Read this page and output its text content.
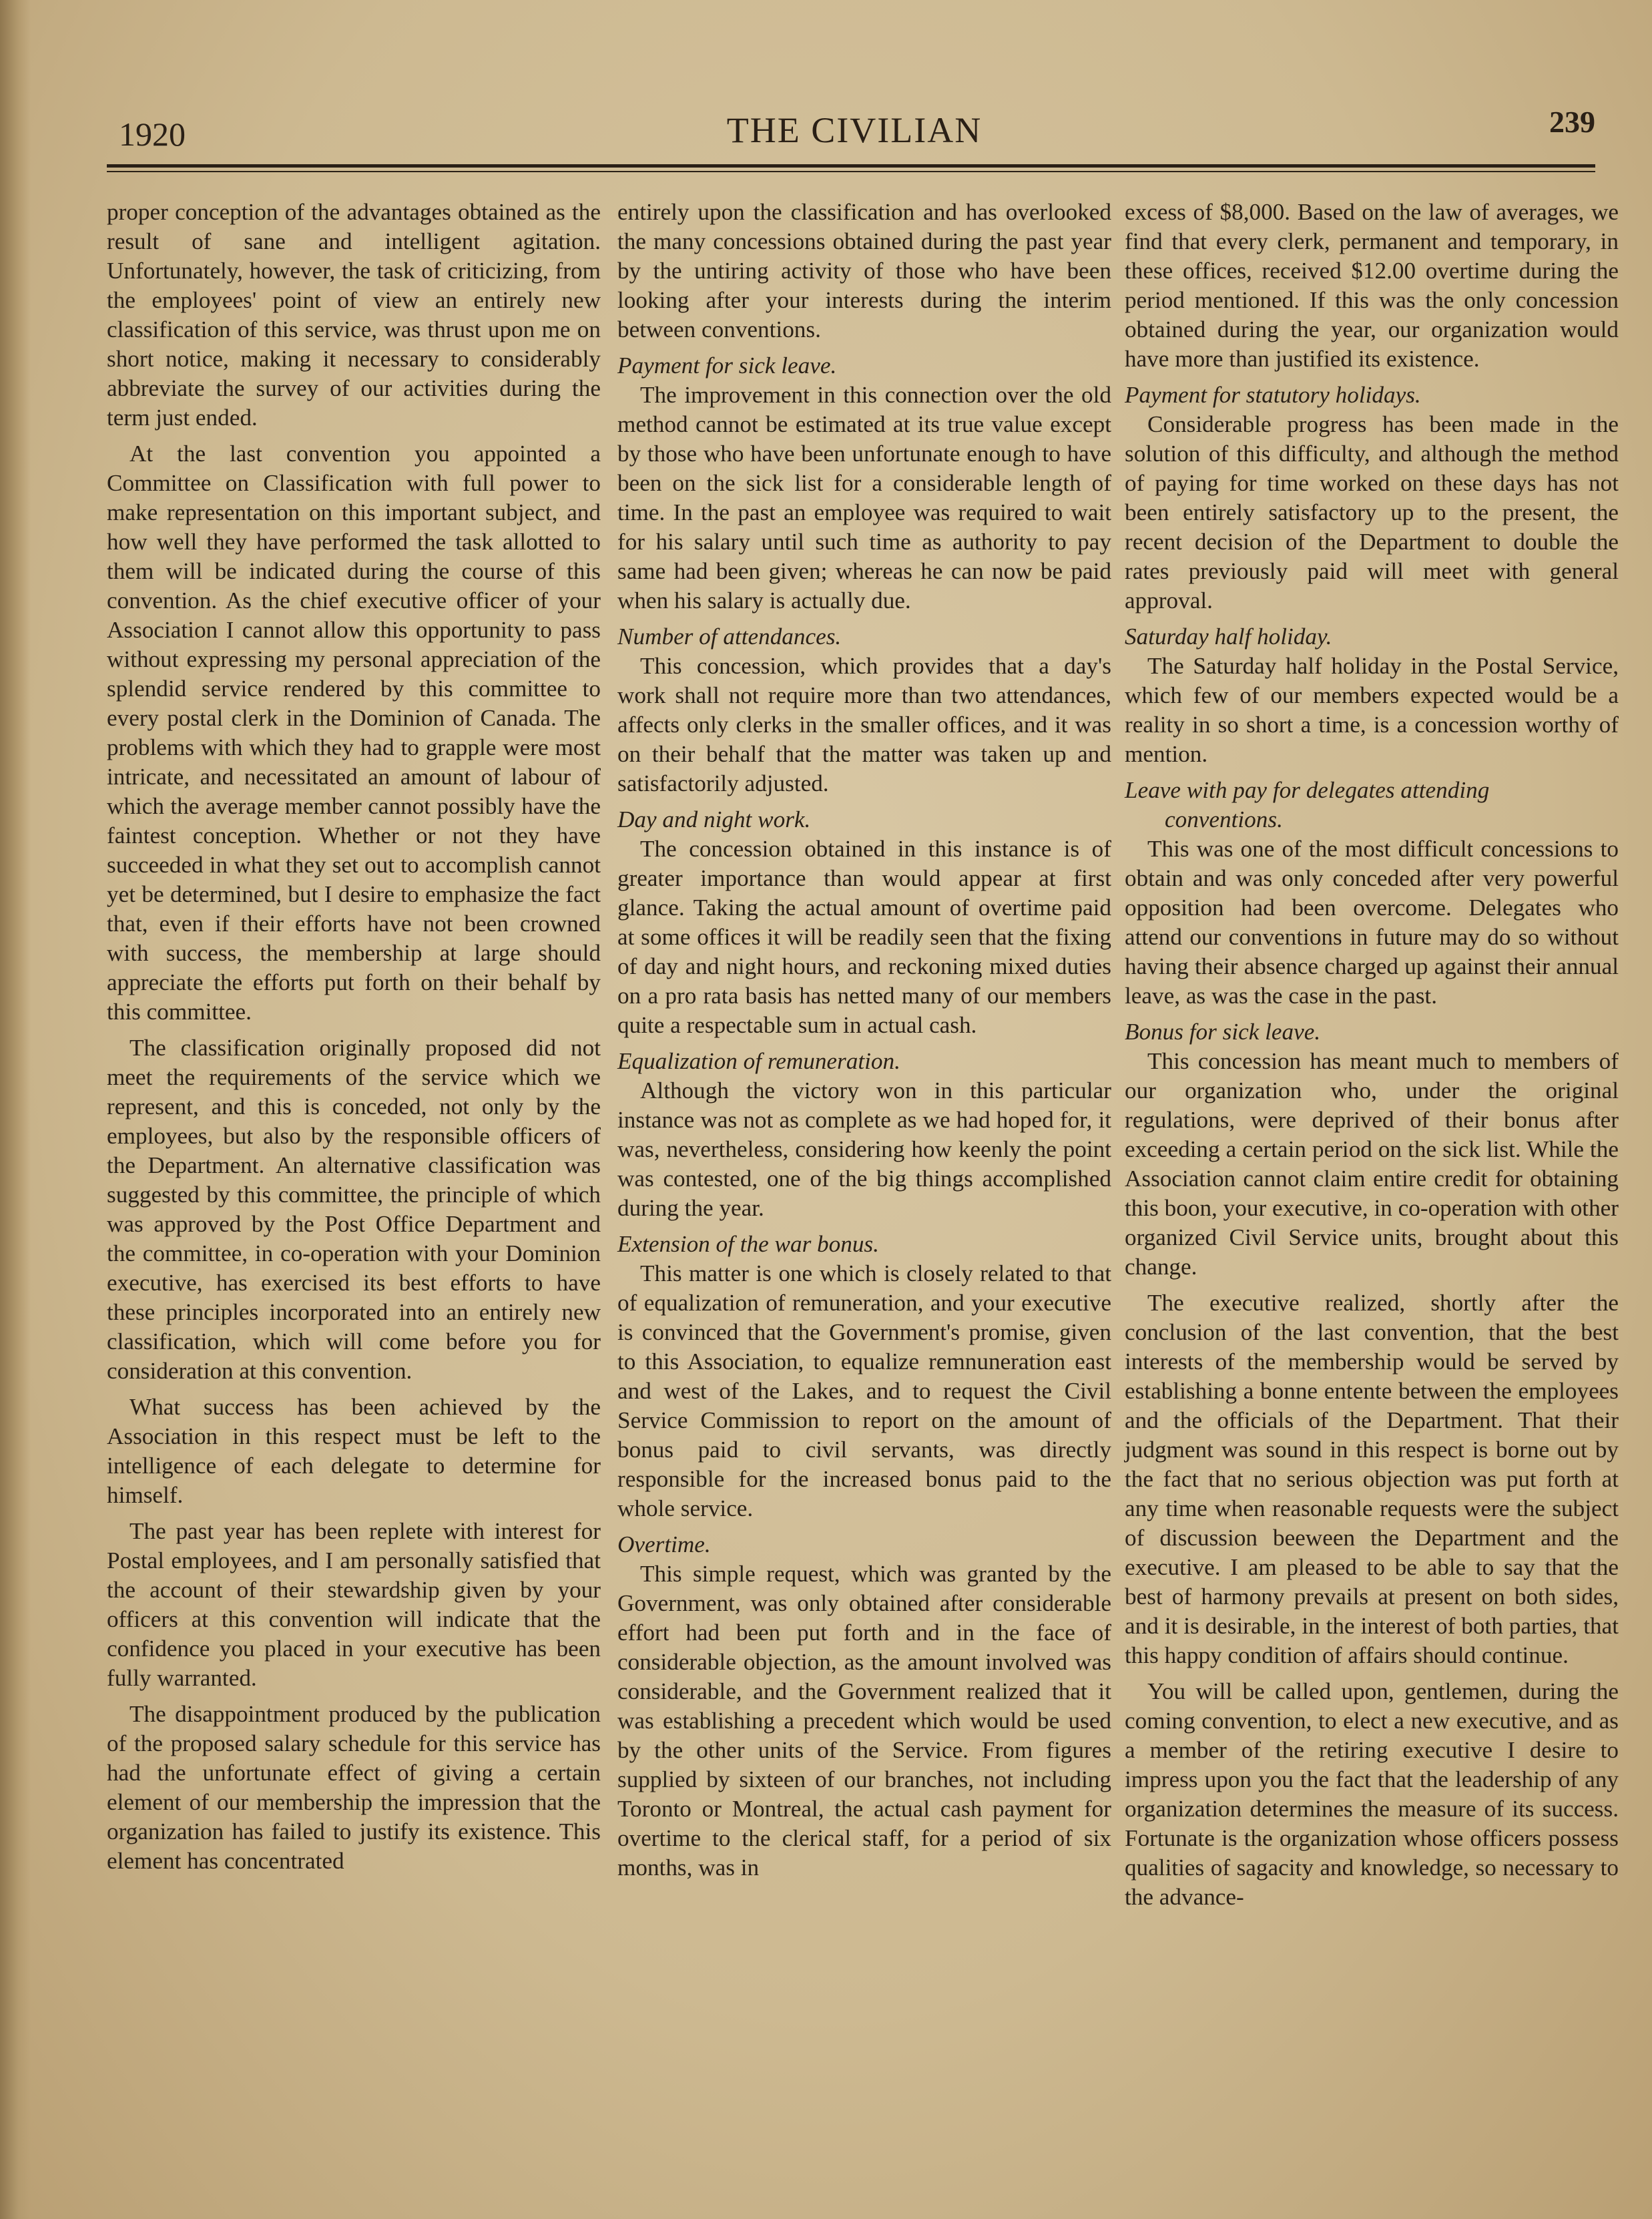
1920	THE CIVILIAN	239

proper conception of the advantages obtained as the result of sane and intelligent agitation. Unfortunately, however, the task of criticizing, from the employees' point of view an entirely new classification of this service, was thrust upon me on short notice, making it necessary to considerably abbreviate the survey of our activities during the term just ended.

At the last convention you appointed a Committee on Classification with full power to make representation on this important subject, and how well they have performed the task allotted to them will be indicated during the course of this convention. As the chief executive officer of your Association I cannot allow this opportunity to pass without expressing my personal appreciation of the splendid service rendered by this committee to every postal clerk in the Dominion of Canada. The problems with which they had to grapple were most intricate, and necessitated an amount of labour of which the average member cannot possibly have the faintest conception. Whether or not they have succeeded in what they set out to accomplish cannot yet be determined, but I desire to emphasize the fact that, even if their efforts have not been crowned with success, the membership at large should appreciate the efforts put forth on their behalf by this committee.

The classification originally proposed did not meet the requirements of the service which we represent, and this is conceded, not only by the employees, but also by the responsible officers of the Department. An alternative classification was suggested by this committee, the principle of which was approved by the Post Office Department and the committee, in co-operation with your Dominion executive, has exercised its best efforts to have these principles incorporated into an entirely new classification, which will come before you for consideration at this convention.

What success has been achieved by the Association in this respect must be left to the intelligence of each delegate to determine for himself.

The past year has been replete with interest for Postal employees, and I am personally satisfied that the account of their stewardship given by your officers at this convention will indicate that the confidence you placed in your executive has been fully warranted.

The disappointment produced by the publication of the proposed salary schedule for this service has had the unfortunate effect of giving a certain element of our membership the impression that the organization has failed to justify its existence. This element has concentrated

entirely upon the classification and has overlooked the many concessions obtained during the past year by the untiring activity of those who have been looking after your interests during the interim between conventions.

Payment for sick leave.

The improvement in this connection over the old method cannot be estimated at its true value except by those who have been unfortunate enough to have been on the sick list for a considerable length of time. In the past an employee was required to wait for his salary until such time as authority to pay same had been given; whereas he can now be paid when his salary is actually due.

Number of attendances.

This concession, which provides that a day's work shall not require more than two attendances, affects only clerks in the smaller offices, and it was on their behalf that the matter was taken up and satisfactorily adjusted.

Day and night work.

The concession obtained in this instance is of greater importance than would appear at first glance. Taking the actual amount of overtime paid at some offices it will be readily seen that the fixing of day and night hours, and reckoning mixed duties on a pro rata basis has netted many of our members quite a respectable sum in actual cash.

Equalization of remuneration.

Although the victory won in this particular instance was not as complete as we had hoped for, it was, nevertheless, considering how keenly the point was contested, one of the big things accomplished during the year.

Extension of the war bonus.

This matter is one which is closely related to that of equalization of remuneration, and your executive is convinced that the Government's promise, given to this Association, to equalize remnuneration east and west of the Lakes, and to request the Civil Service Commission to report on the amount of bonus paid to civil servants, was directly responsible for the increased bonus paid to the whole service.

Overtime.

This simple request, which was granted by the Government, was only obtained after considerable effort had been put forth and in the face of considerable objection, as the amount involved was considerable, and the Government realized that it was establishing a precedent which would be used by the other units of the Service. From figures supplied by sixteen of our branches, not including Toronto or Montreal, the actual cash payment for overtime to the clerical staff, for a period of six months, was in

excess of $8,000. Based on the law of averages, we find that every clerk, permanent and temporary, in these offices, received $12.00 overtime during the period mentioned. If this was the only concession obtained during the year, our organization would have more than justified its existence.

Payment for statutory holidays.

Considerable progress has been made in the solution of this difficulty, and although the method of paying for time worked on these days has not been entirely satisfactory up to the present, the recent decision of the Department to double the rates previously paid will meet with general approval.

Saturday half holiday.

The Saturday half holiday in the Postal Service, which few of our members expected would be a reality in so short a time, is a concession worthy of mention.

Leave with pay for delegates attending
conventions.

This was one of the most difficult concessions to obtain and was only conceded after very powerful opposition had been overcome. Delegates who attend our conventions in future may do so without having their absence charged up against their annual leave, as was the case in the past.

Bonus for sick leave.

This concession has meant much to members of our organization who, under the original regulations, were deprived of their bonus after exceeding a certain period on the sick list. While the Association cannot claim entire credit for obtaining this boon, your executive, in co-operation with other organized Civil Service units, brought about this change.

The executive realized, shortly after the conclusion of the last convention, that the best interests of the membership would be served by establishing a bonne entente between the employees and the officials of the Department. That their judgment was sound in this respect is borne out by the fact that no serious objection was put forth at any time when reasonable requests were the subject of discussion beeween the Department and the executive. I am pleased to be able to say that the best of harmony prevails at present on both sides, and it is desirable, in the interest of both parties, that this happy condition of affairs should continue.

You will be called upon, gentlemen, during the coming convention, to elect a new executive, and as a member of the retiring executive I desire to impress upon you the fact that the leadership of any organization determines the measure of its success. Fortunate is the organization whose officers possess qualities of sagacity and knowledge, so necessary to the advance-
